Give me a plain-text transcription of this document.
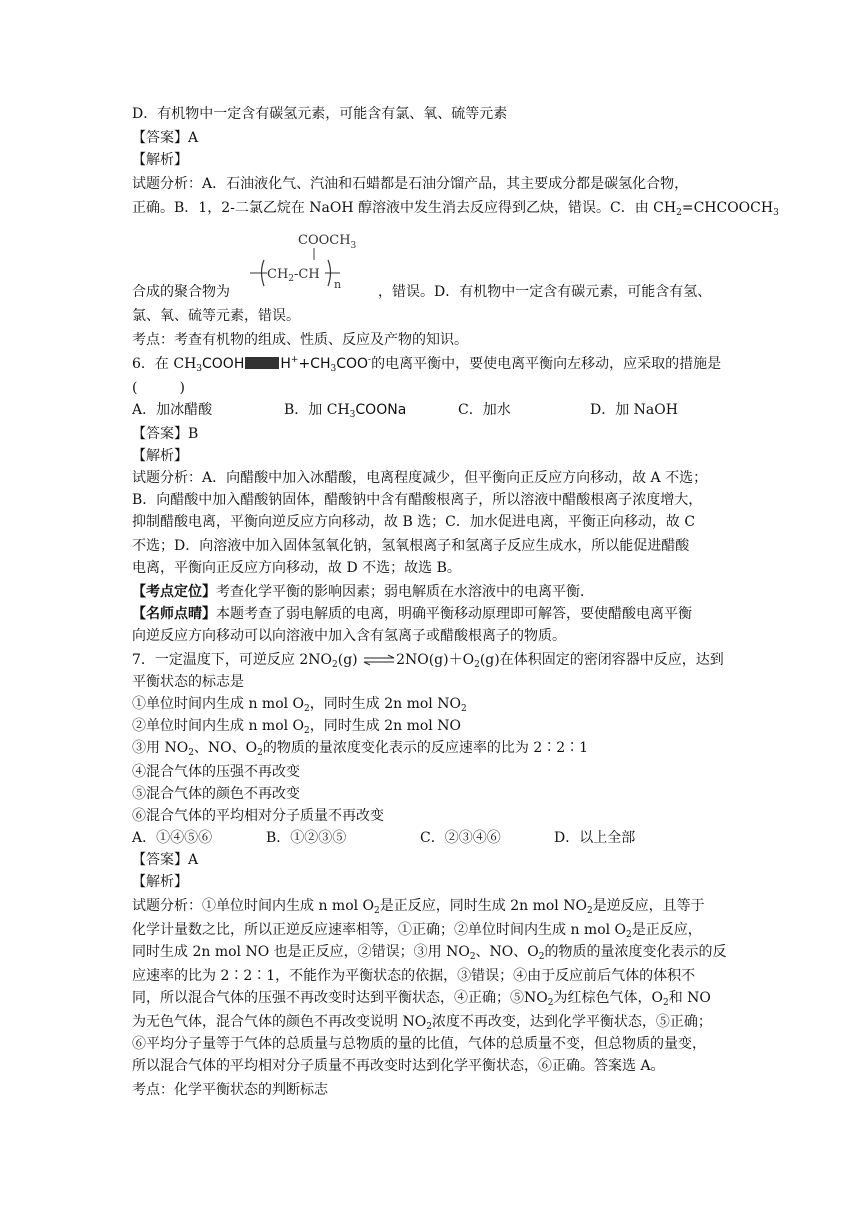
D．有机物中一定含有碳氢元素，可能含有氯、氧、硫等元素
【答案】A
【解析】
试题分析：A．石油液化气、汽油和石蜡都是石油分馏产品，其主要成分都是碳氢化合物，
正确。B．1，2-二氯乙烷在 NaOH 醇溶液中发生消去反应得到乙炔，错误。C．由 $CH_2=CHCOOCH_3$
$COOCH_3$
$CH_2-CH$
n
合成的聚合物为	，错误。D．有机物中一定含有碳元素，可能含有氢、
氯、氧、硫等元素，错误。
考点：考查有机物的组成、性质、反应及产物的知识。
6．在 $CH_3COOH$	$H^++CH_3COO^-$的电离平衡中，要使电离平衡向左移动，应采取的措施是
(　　　)
A．加冰醋酸	B．加 $CH_3COONa$	C．加水	D．加 NaOH
【答案】B
【解析】
试题分析：A．向醋酸中加入冰醋酸，电离程度减少，但平衡向正反应方向移动，故 A 不选；
B．向醋酸中加入醋酸钠固体，醋酸钠中含有醋酸根离子，所以溶液中醋酸根离子浓度增大，
抑制醋酸电离，平衡向逆反应方向移动，故 B 选；C．加水促进电离，平衡正向移动，故 C
不选；D．向溶液中加入固体氢氧化钠，氢氧根离子和氢离子反应生成水，所以能促进醋酸
电离，平衡向正反应方向移动，故 D 不选；故选 B。
【考点定位】考查化学平衡的影响因素；弱电解质在水溶液中的电离平衡．
【名师点晴】本题考查了弱电解质的电离，明确平衡移动原理即可解答，要使醋酸电离平衡
向逆反应方向移动可以向溶液中加入含有氢离子或醋酸根离子的物质。
7．一定温度下，可逆反应 $2NO_2(g)$ $\rightleftharpoons 2NO(g)+O_2(g)$在体积固定的密闭容器中反应，达到
平衡状态的标志是
①单位时间内生成 n mol $O_2$，同时生成 2n mol $NO_2$
②单位时间内生成 n mol $O_2$，同时生成 2n mol NO
③用 $NO_2$、NO、$O_2$的物质的量浓度变化表示的反应速率的比为 2∶2∶1
④混合气体的压强不再改变
⑤混合气体的颜色不再改变
⑥混合气体的平均相对分子质量不再改变
A．①④⑤⑥	B．①②③⑤	C．②③④⑥	D．以上全部
【答案】A
【解析】
试题分析：①单位时间内生成 n mol $O_2$是正反应，同时生成 2n mol $NO_2$是逆反应，且等于
化学计量数之比，所以正逆反应速率相等，①正确；②单位时间内生成 n mol $O_2$是正反应，
同时生成 2n mol NO 也是正反应，②错误；③用 $NO_2$、NO、$O_2$的物质的量浓度变化表示的反
应速率的比为 2∶2∶1，不能作为平衡状态的依据，③错误；④由于反应前后气体的体积不
同，所以混合气体的压强不再改变时达到平衡状态，④正确；$⑤NO_2$为红棕色气体，$O_2$和 NO
为无色气体，混合气体的颜色不再改变说明 $NO_2$浓度不再改变，达到化学平衡状态，⑤正确；
⑥平均分子量等于气体的总质量与总物质的量的比值，气体的总质量不变，但总物质的量变，
所以混合气体的平均相对分子质量不再改变时达到化学平衡状态，⑥正确。答案选 A。
考点：化学平衡状态的判断标志
